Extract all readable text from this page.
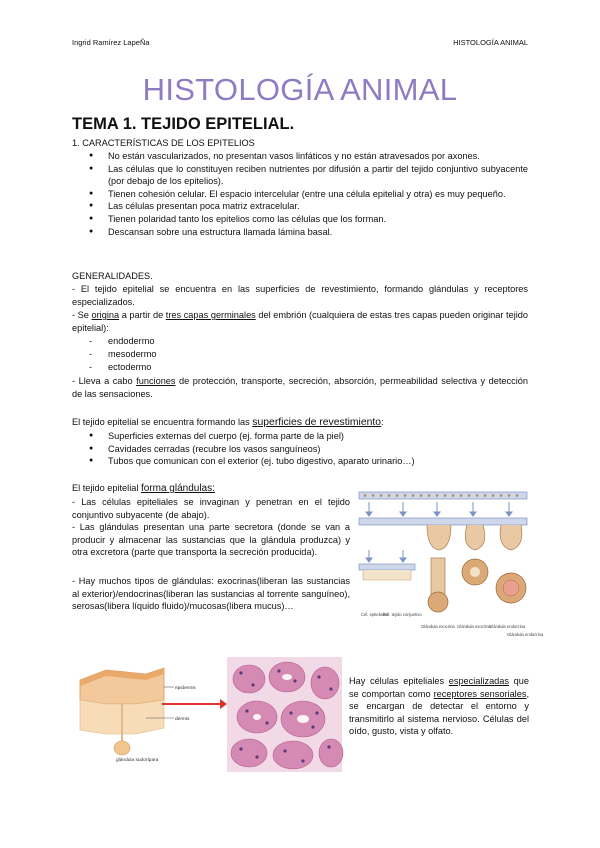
Ingrid Ramírez LapeÑa	HISTOLOGÍA ANIMAL
HISTOLOGÍA ANIMAL
TEMA 1. TEJIDO EPITELIAL.
1. CARACTERÍSTICAS DE LOS EPITELIOS
● No están vascularizados, no presentan vasos linfáticos y no están atravesados por axones.
● Las células que lo constituyen reciben nutrientes por difusión a partir del tejido conjuntivo subyacente (por debajo de los epitelios).
● Tienen cohesión celular. El espacio intercelular (entre una célula epitelial y otra) es muy pequeño.
● Las células presentan poca matriz extracelular.
● Tienen polaridad tanto los epitelios como las células que los forman.
● Descansan sobre una estructura llamada lámina basal.
GENERALIDADES.
- El tejido epitelial se encuentra en las superficies de revestimiento, formando glándulas y receptores especializados.
- Se origina a partir de tres capas germinales del embrión (cualquiera de estas tres capas pueden originar tejido epitelial):
- endodermo
- mesodermo
- ectodermo
- Lleva a cabo funciones de protección, transporte, secreción, absorción, permeabilidad selectiva y detección de las sensaciones.
El tejido epitelial se encuentra formando las superficies de revestimiento:
● Superficies externas del cuerpo (ej. forma parte de la piel)
● Cavidades cerradas (recubre los vasos sanguíneos)
● Tubos que comunican con el exterior (ej. tubo digestivo, aparato urinario…)
El tejido epitelial forma glándulas:
- Las células epiteliales se invaginan y penetran en el tejido conjuntivo subyacente (de abajo).
- Las glándulas presentan una parte secretora (donde se van a producir y almacenar las sustancias que la glándula produzca) y otra excretora (parte que transporta la secreción producida).
- Hay muchos tipos de glándulas: exocrinas(liberan las sustancias al exterior)/endocrinas(liberan las sustancias al torrente sanguíneo), serosas(libera líquido fluido)/mucosas(libera mucus)…
Cél. epiteliales
Cél. tejido conjuntivo
Glándula exocrina Glándula exocrina
Glándula endocrina
Glándula endocrina
epidermis
dermis
glándula sudorípara
Hay células epiteliales especializadas que se comportan como receptores sensoriales, se encargan de detectar el entorno y transmitirlo al sistema nervioso. Células del oído, gusto, vista y olfato.
